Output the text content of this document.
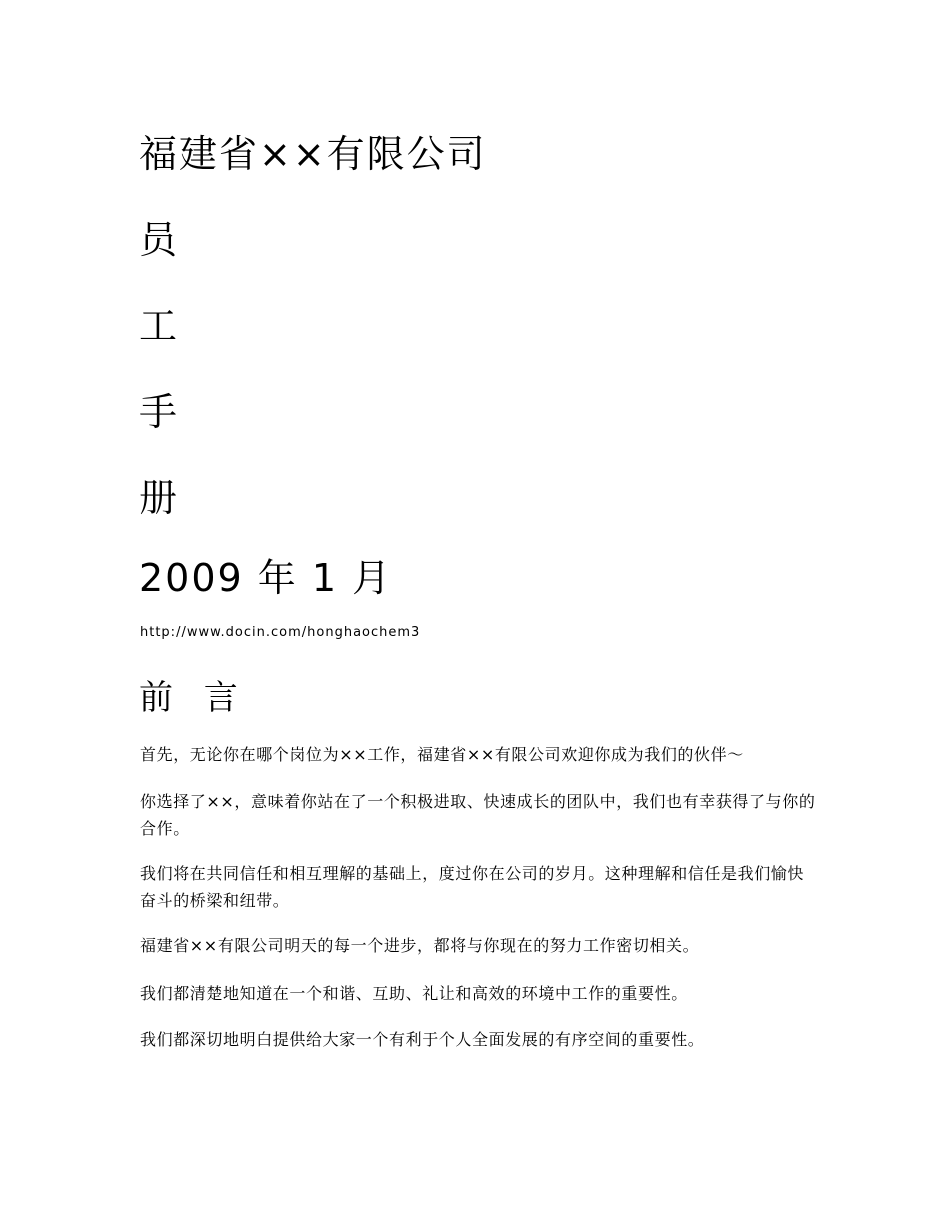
福建省××有限公司
员
工
手
册
2009 年 1 月
http://www.docin.com/honghaochem3
前 言

首先，无论你在哪个岗位为××工作，福建省××有限公司欢迎你成为我们的伙伴～

你选择了××，意味着你站在了一个积极进取、快速成长的团队中，我们也有幸获得了与你的合作。

我们将在共同信任和相互理解的基础上，度过你在公司的岁月。这种理解和信任是我们愉快奋斗的桥梁和纽带。

福建省××有限公司明天的每一个进步，都将与你现在的努力工作密切相关。

我们都清楚地知道在一个和谐、互助、礼让和高效的环境中工作的重要性。

我们都深切地明白提供给大家一个有利于个人全面发展的有序空间的重要性。
